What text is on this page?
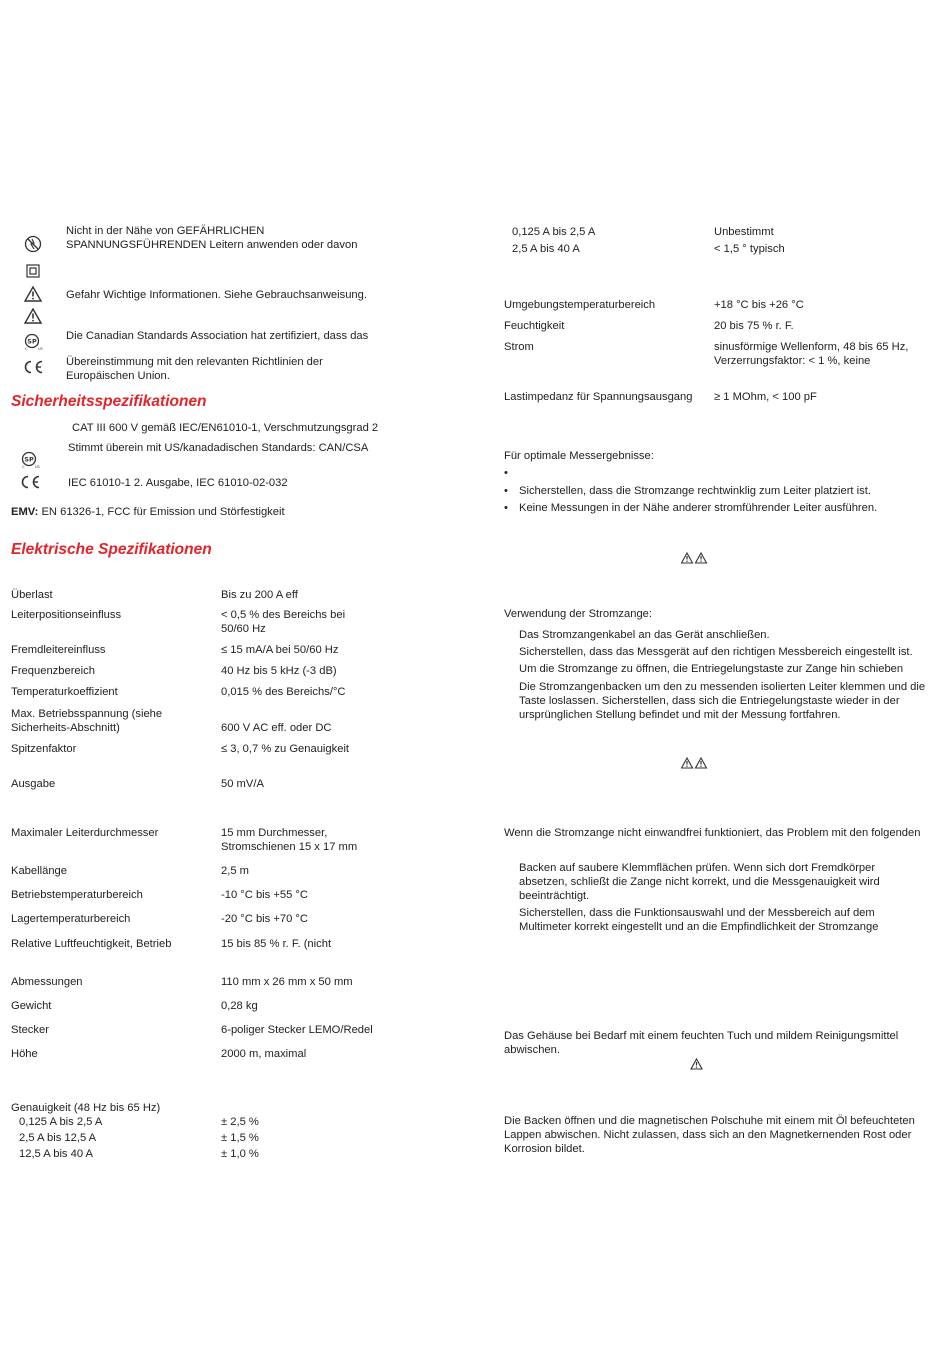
Nicht in der Nähe von GEFÄHRLICHEN SPANNUNGSFÜHRENDEN Leitern anwenden oder davon
Gefahr Wichtige Informationen. Siehe Gebrauchsanweisung.
SP
C	US
Die Canadian Standards Association hat zertifiziert, dass das
Übereinstimmung mit den relevanten Richtlinien der Europäischen Union.
Sicherheitsspezifikationen
CAT III 600 V gemäß IEC/EN61010-1, Verschmutzungsgrad 2
Stimmt überein mit US/kanadadischen Standards: CAN/CSA
SP
C	US
IEC 61010-1 2. Ausgabe, IEC 61010-02-032
EMV: EN 61326-1, FCC für Emission und Störfestigkeit
Elektrische Spezifikationen
Überlast	Bis zu 200 A eff
Leiterpositionseinfluss	< 0,5 % des Bereichs bei 50/60 Hz
Fremdleitereinfluss	≤ 15 mA/A bei 50/60 Hz
Frequenzbereich	40 Hz bis 5 kHz (-3 dB)
Temperaturkoeffizient	0,015 % des Bereichs/°C
Max. Betriebsspannung (siehe Sicherheits-Abschnitt)	600 V AC eff. oder DC
Spitzenfaktor	≤ 3, 0,7 % zu Genauigkeit
Ausgabe	50 mV/A
Maximaler Leiterdurchmesser	15 mm Durchmesser, Stromschienen 15 x 17 mm
Kabellänge	2,5 m
Betriebstemperaturbereich	-10 °C bis +55 °C
Lagertemperaturbereich	-20 °C bis +70 °C
Relative Luftfeuchtigkeit, Betrieb	15 bis 85 % r. F. (nicht
Abmessungen	110 mm x 26 mm x 50 mm
Gewicht	0,28 kg
Stecker	6-poliger Stecker LEMO/Redel
Höhe	2000 m, maximal
Genauigkeit (48 Hz bis 65 Hz)
0,125 A bis 2,5 A	± 2,5 %
2,5 A bis 12,5 A	± 1,5 %
12,5 A bis 40 A	± 1,0 %
0,125 A bis 2,5 A	Unbestimmt
2,5 A bis 40 A	< 1,5 ° typisch
Umgebungstemperaturbereich	+18 °C bis +26 °C
Feuchtigkeit	20 bis 75 % r. F.
Strom	sinusförmige Wellenform, 48 bis 65 Hz, Verzerrungsfaktor: < 1 %, keine
Lastimpedanz für Spannungsausgang ≥ 1 MOhm, < 100 pF
Für optimale Messergebnisse:
•
• Sicherstellen, dass die Stromzange rechtwinklig zum Leiter platziert ist.
• Keine Messungen in der Nähe anderer stromführender Leiter ausführen.
Verwendung der Stromzange:
Das Stromzangenkabel an das Gerät anschließen.
Sicherstellen, dass das Messgerät auf den richtigen Messbereich eingestellt ist.
Um die Stromzange zu öffnen, die Entriegelungstaste zur Zange hin schieben
Die Stromzangenbacken um den zu messenden isolierten Leiter klemmen und die Taste loslassen. Sicherstellen, dass sich die Entriegelungstaste wieder in der ursprünglichen Stellung befindet und mit der Messung fortfahren.
Wenn die Stromzange nicht einwandfrei funktioniert, das Problem mit den folgenden
Backen auf saubere Klemmflächen prüfen. Wenn sich dort Fremdkörper absetzen, schließt die Zange nicht korrekt, und die Messgenauigkeit wird beeinträchtigt.
Sicherstellen, dass die Funktionsauswahl und der Messbereich auf dem Multimeter korrekt eingestellt und an die Empfindlichkeit der Stromzange
Das Gehäuse bei Bedarf mit einem feuchten Tuch und mildem Reinigungsmittel abwischen.
Die Backen öffnen und die magnetischen Polschuhe mit einem mit Öl befeuchteten Lappen abwischen. Nicht zulassen, dass sich an den Magnetkernenden Rost oder Korrosion bildet.
